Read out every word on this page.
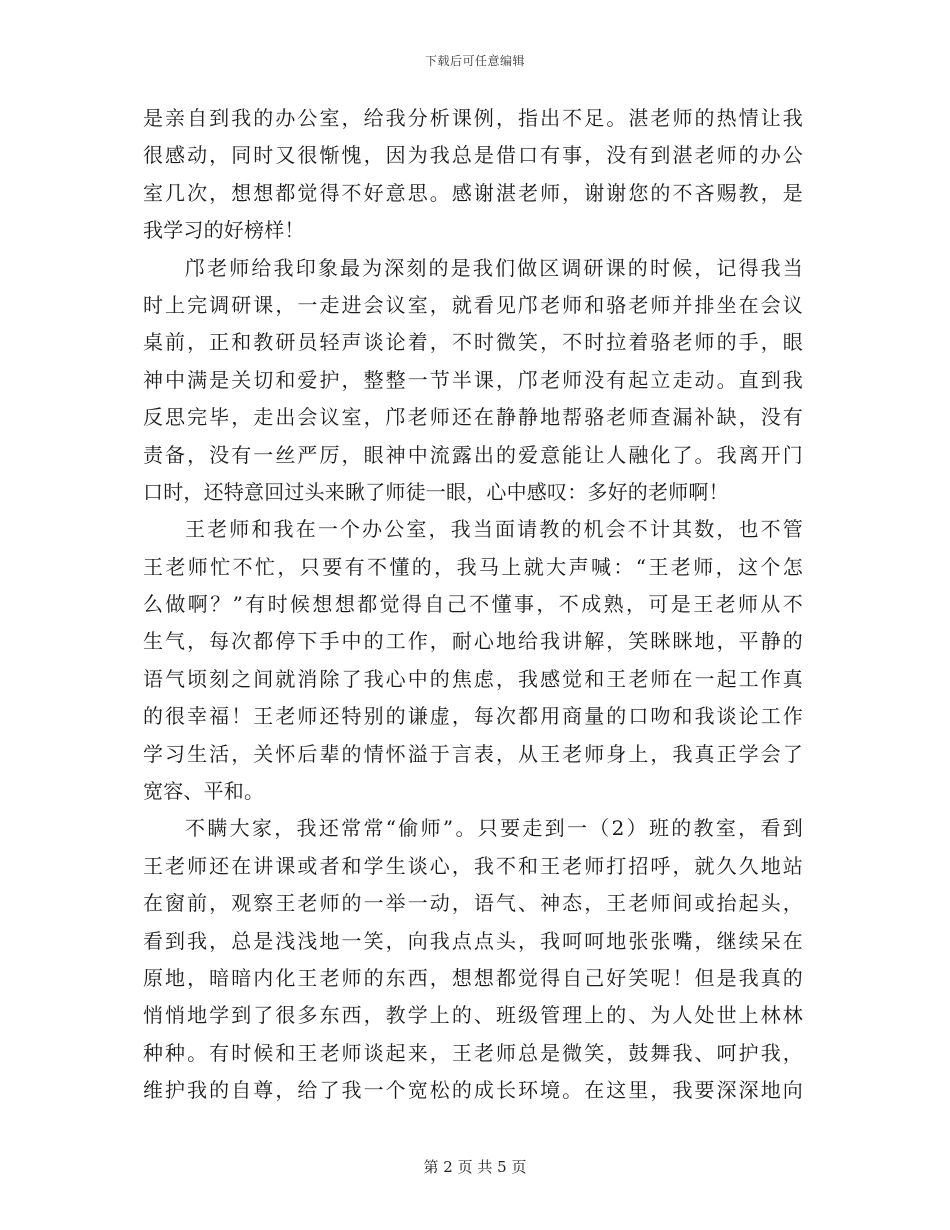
下载后可任意编辑
是亲自到我的办公室，给我分析课例，指出不足。湛老师的热情让我
很感动，同时又很惭愧，因为我总是借口有事，没有到湛老师的办公
室几次，想想都觉得不好意思。感谢湛老师，谢谢您的不吝赐教，是
我学习的好榜样！
邝老师给我印象最为深刻的是我们做区调研课的时候，记得我当
时上完调研课，一走进会议室，就看见邝老师和骆老师并排坐在会议
桌前，正和教研员轻声谈论着，不时微笑，不时拉着骆老师的手，眼
神中满是关切和爱护，整整一节半课，邝老师没有起立走动。直到我
反思完毕，走出会议室，邝老师还在静静地帮骆老师查漏补缺，没有
责备，没有一丝严厉，眼神中流露出的爱意能让人融化了。我离开门
口时，还特意回过头来瞅了师徒一眼，心中感叹：多好的老师啊！
王老师和我在一个办公室，我当面请教的机会不计其数，也不管
王老师忙不忙，只要有不懂的，我马上就大声喊：“王老师，这个怎
么做啊？”有时候想想都觉得自己不懂事，不成熟，可是王老师从不
生气，每次都停下手中的工作，耐心地给我讲解，笑眯眯地，平静的
语气顷刻之间就消除了我心中的焦虑，我感觉和王老师在一起工作真
的很幸福！王老师还特别的谦虚，每次都用商量的口吻和我谈论工作
学习生活，关怀后辈的情怀溢于言表，从王老师身上，我真正学会了
宽容、平和。
不瞒大家，我还常常“偷师”。只要走到一（2）班的教室，看到
王老师还在讲课或者和学生谈心，我不和王老师打招呼，就久久地站
在窗前，观察王老师的一举一动，语气、神态，王老师间或抬起头，
看到我，总是浅浅地一笑，向我点点头，我呵呵地张张嘴，继续呆在
原地，暗暗内化王老师的东西，想想都觉得自己好笑呢！但是我真的
悄悄地学到了很多东西，教学上的、班级管理上的、为人处世上林林
种种。有时候和王老师谈起来，王老师总是微笑，鼓舞我、呵护我，
维护我的自尊，给了我一个宽松的成长环境。在这里，我要深深地向
第 2 页 共 5 页
